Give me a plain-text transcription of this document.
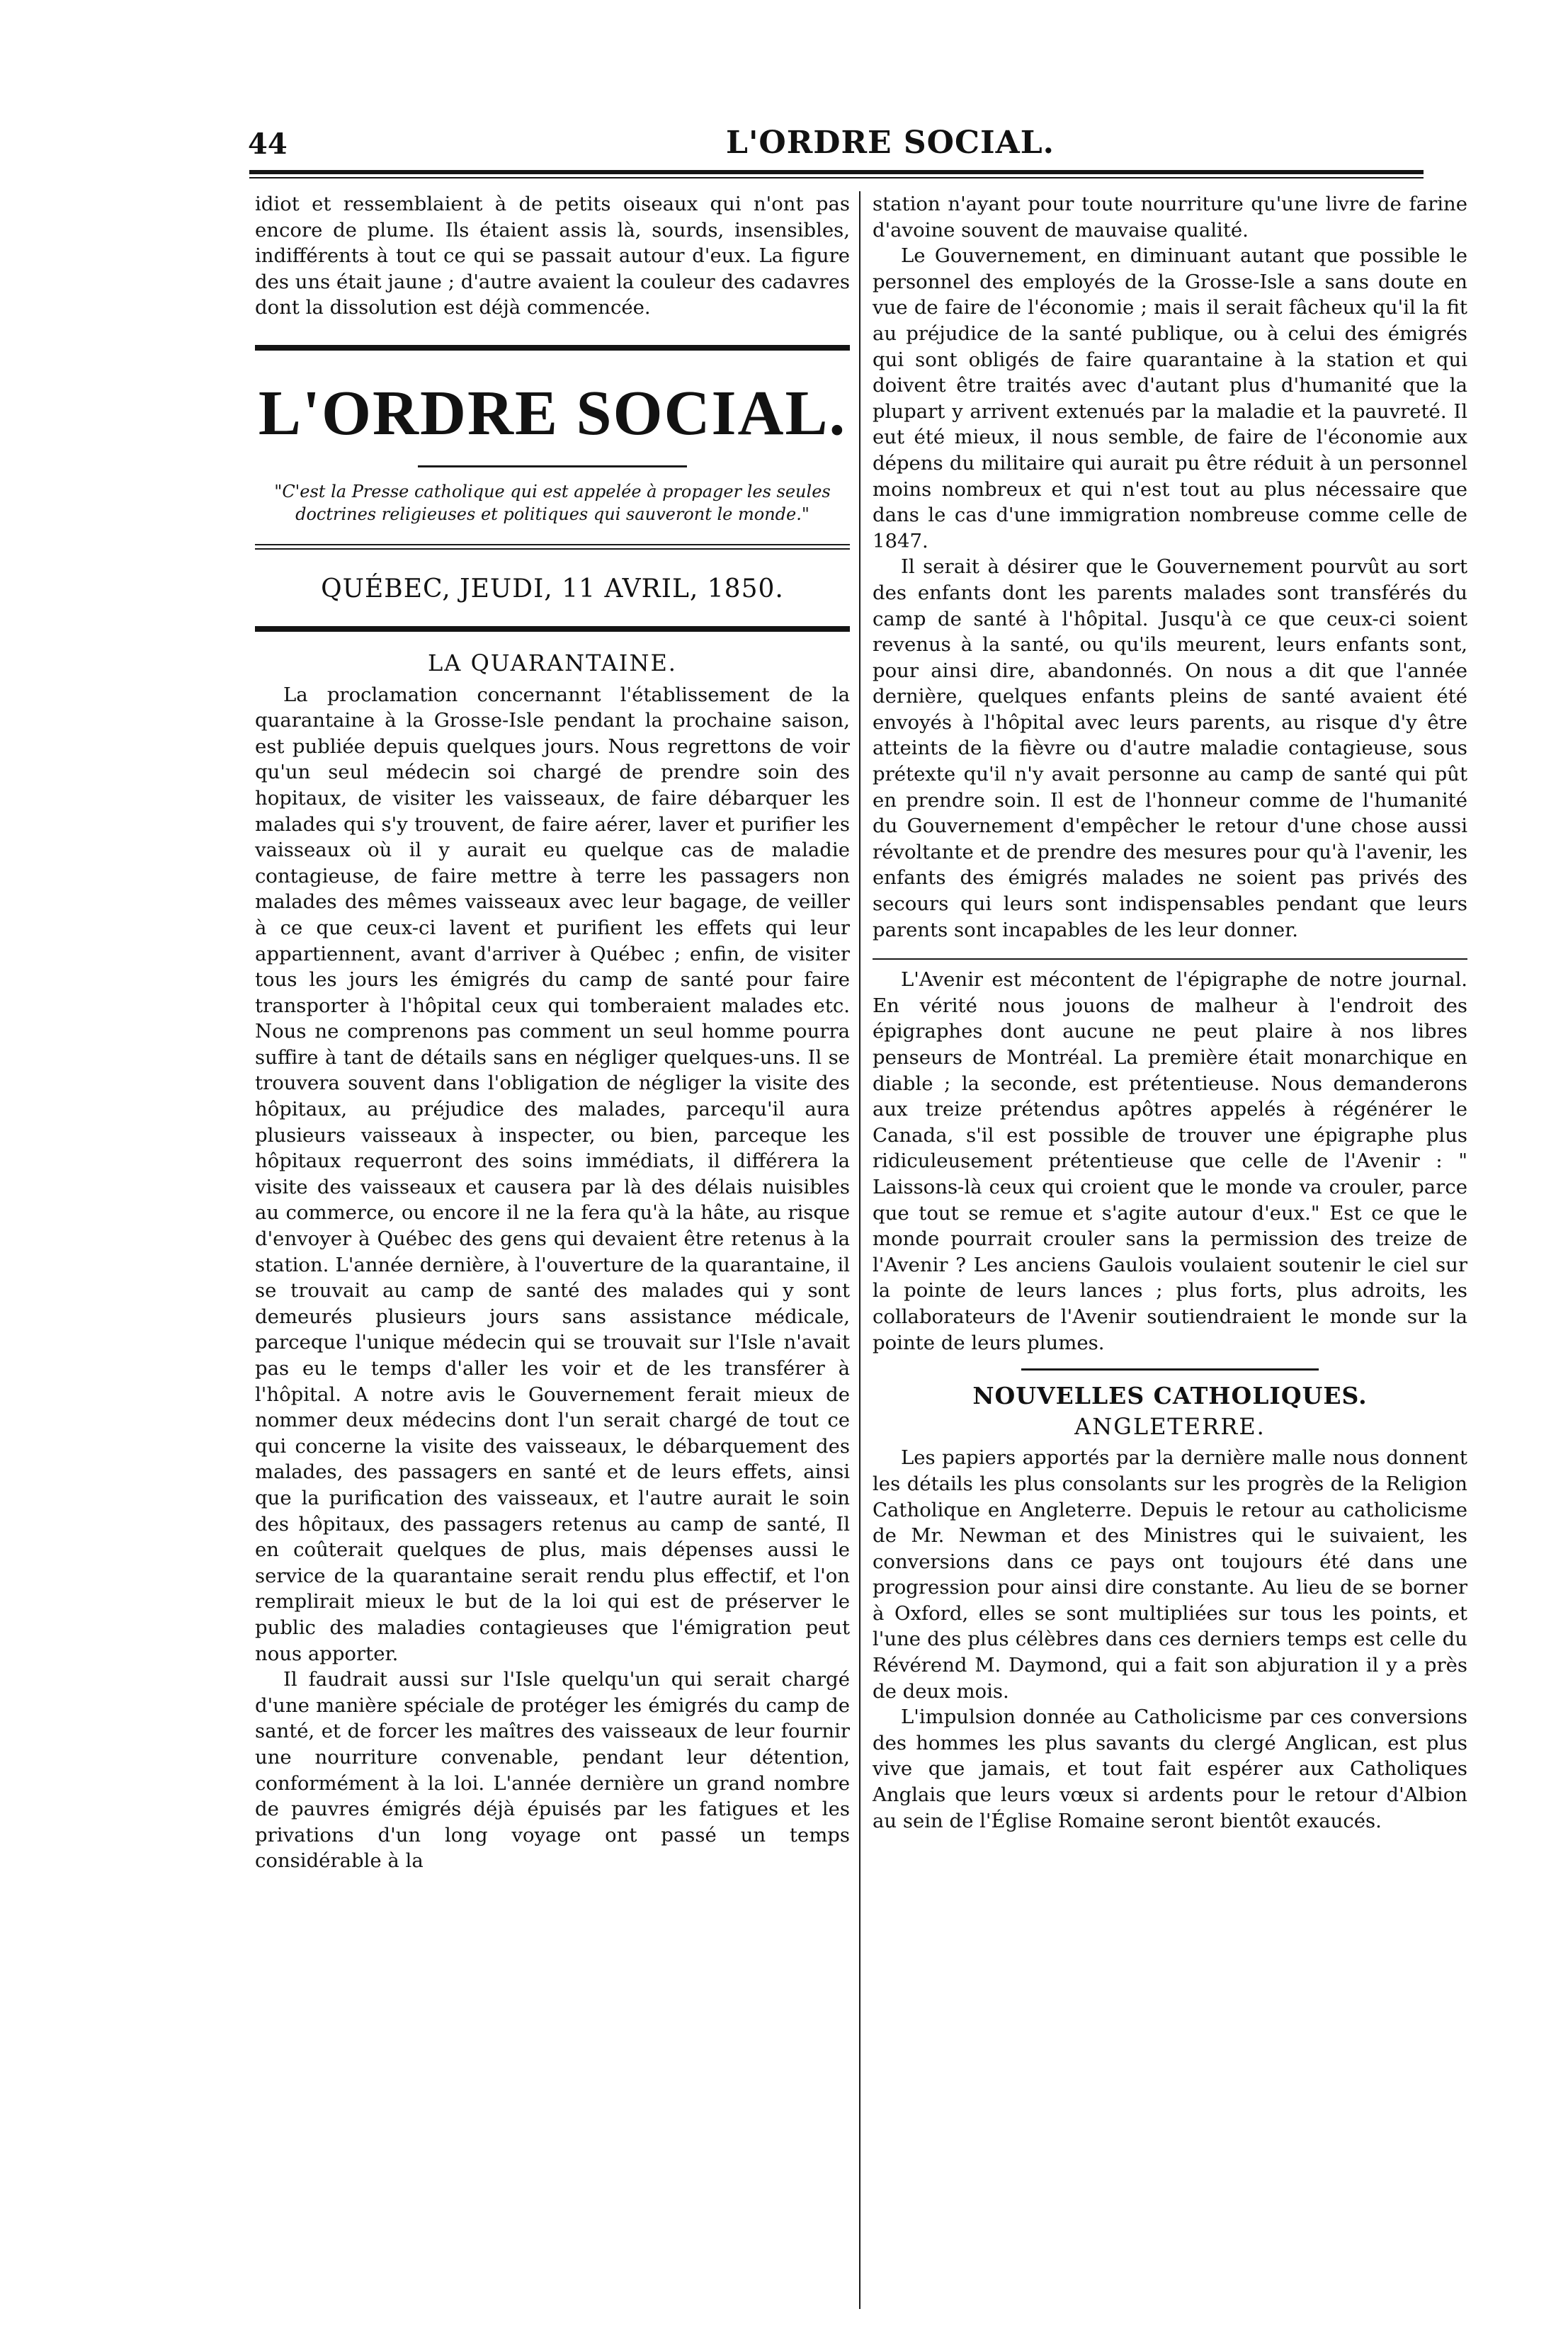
44	L'ORDRE SOCIAL.

idiot et ressemblaient à de petits oiseaux qui n'ont pas encore de plume. Ils étaient assis là, sourds, insensibles, indifférents à tout ce qui se passait autour d'eux. La figure des uns était jaune ; d'autre avaient la couleur des cadavres dont la dissolution est déjà commencée.

L'ORDRE SOCIAL.
"C'est la Presse catholique qui est appelée à propager les seules doctrines religieuses et politiques qui sauveront le monde."
QUÉBEC, JEUDI, 11 AVRIL, 1850.
LA QUARANTAINE.

La proclamation concernannt l'établissement de la quarantaine à la Grosse-Isle pendant la prochaine saison, est publiée depuis quelques jours. Nous regrettons de voir qu'un seul médecin soi chargé de prendre soin des hopitaux, de visiter les vaisseaux, de faire débarquer les malades qui s'y trouvent, de faire aérer, laver et purifier les vaisseaux où il y aurait eu quelque cas de maladie contagieuse, de faire mettre à terre les passagers non malades des mêmes vaisseaux avec leur bagage, de veiller à ce que ceux-ci lavent et purifient les effets qui leur appartiennent, avant d'arriver à Québec ; enfin, de visiter tous les jours les émigrés du camp de santé pour faire transporter à l'hôpital ceux qui tomberaient malades etc. Nous ne comprenons pas comment un seul homme pourra suffire à tant de détails sans en négliger quelques-uns. Il se trouvera souvent dans l'obligation de négliger la visite des hôpitaux, au préjudice des malades, parcequ'il aura plusieurs vaisseaux à inspecter, ou bien, parceque les hôpitaux requerront des soins immédiats, il différera la visite des vaisseaux et causera par là des délais nuisibles au commerce, ou encore il ne la fera qu'à la hâte, au risque d'envoyer à Québec des gens qui devaient être retenus à la station. L'année dernière, à l'ouverture de la quarantaine, il se trouvait au camp de santé des malades qui y sont demeurés plusieurs jours sans assistance médicale, parceque l'unique médecin qui se trouvait sur l'Isle n'avait pas eu le temps d'aller les voir et de les transférer à l'hôpital. A notre avis le Gouvernement ferait mieux de nommer deux médecins dont l'un serait chargé de tout ce qui concerne la visite des vaisseaux, le débarquement des malades, des passagers en santé et de leurs effets, ainsi que la purification des vaisseaux, et l'autre aurait le soin des hôpitaux, des passagers retenus au camp de santé, Il en coûterait quelques de plus, mais dépenses aussi le service de la quarantaine serait rendu plus effectif, et l'on remplirait mieux le but de la loi qui est de préserver le public des maladies contagieuses que l'émigration peut nous apporter.

Il faudrait aussi sur l'Isle quelqu'un qui serait chargé d'une manière spéciale de protéger les émigrés du camp de santé, et de forcer les maîtres des vaisseaux de leur fournir une nourriture convenable, pendant leur détention, conformément à la loi. L'année dernière un grand nombre de pauvres émigrés déjà épuisés par les fatigues et les privations d'un long voyage ont passé un temps considérable à la

station n'ayant pour toute nourriture qu'une livre de farine d'avoine souvent de mauvaise qualité.

Le Gouvernement, en diminuant autant que possible le personnel des employés de la Grosse-Isle a sans doute en vue de faire de l'économie ; mais il serait fâcheux qu'il la fit au préjudice de la santé publique, ou à celui des émigrés qui sont obligés de faire quarantaine à la station et qui doivent être traités avec d'autant plus d'humanité que la plupart y arrivent extenués par la maladie et la pauvreté. Il eut été mieux, il nous semble, de faire de l'économie aux dépens du militaire qui aurait pu être réduit à un personnel moins nombreux et qui n'est tout au plus nécessaire que dans le cas d'une immigration nombreuse comme celle de 1847.

Il serait à désirer que le Gouvernement pourvût au sort des enfants dont les parents malades sont transférés du camp de santé à l'hôpital. Jusqu'à ce que ceux-ci soient revenus à la santé, ou qu'ils meurent, leurs enfants sont, pour ainsi dire, abandonnés. On nous a dit que l'année dernière, quelques enfants pleins de santé avaient été envoyés à l'hôpital avec leurs parents, au risque d'y être atteints de la fièvre ou d'autre maladie contagieuse, sous prétexte qu'il n'y avait personne au camp de santé qui pût en prendre soin. Il est de l'honneur comme de l'humanité du Gouvernement d'empêcher le retour d'une chose aussi révoltante et de prendre des mesures pour qu'à l'avenir, les enfants des émigrés malades ne soient pas privés des secours qui leurs sont indispensables pendant que leurs parents sont incapables de les leur donner.

L'Avenir est mécontent de l'épigraphe de notre journal. En vérité nous jouons de malheur à l'endroit des épigraphes dont aucune ne peut plaire à nos libres penseurs de Montréal. La première était monarchique en diable ; la seconde, est prétentieuse. Nous demanderons aux treize prétendus apôtres appelés à régénérer le Canada, s'il est possible de trouver une épigraphe plus ridiculeusement prétentieuse que celle de l'Avenir : " Laissons-là ceux qui croient que le monde va crouler, parce que tout se remue et s'agite autour d'eux." Est ce que le monde pourrait crouler sans la permission des treize de l'Avenir ? Les anciens Gaulois voulaient soutenir le ciel sur la pointe de leurs lances ; plus forts, plus adroits, les collaborateurs de l'Avenir soutiendraient le monde sur la pointe de leurs plumes.

NOUVELLES CATHOLIQUES.
ANGLETERRE.

Les papiers apportés par la dernière malle nous donnent les détails les plus consolants sur les progrès de la Religion Catholique en Angleterre. Depuis le retour au catholicisme de Mr. Newman et des Ministres qui le suivaient, les conversions dans ce pays ont toujours été dans une progression pour ainsi dire constante. Au lieu de se borner à Oxford, elles se sont multipliées sur tous les points, et l'une des plus célèbres dans ces derniers temps est celle du Révérend M. Daymond, qui a fait son abjuration il y a près de deux mois.

L'impulsion donnée au Catholicisme par ces conversions des hommes les plus savants du clergé Anglican, est plus vive que jamais, et tout fait espérer aux Catholiques Anglais que leurs vœux si ardents pour le retour d'Albion au sein de l'Église Romaine seront bientôt exaucés.
